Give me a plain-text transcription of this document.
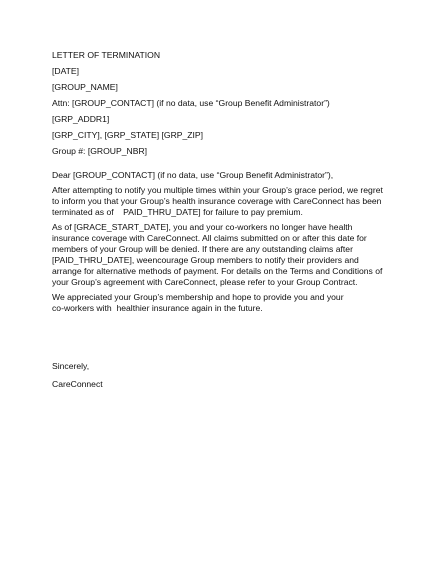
LETTER OF TERMINATION
[DATE]
[GROUP_NAME]
Attn: [GROUP_CONTACT] (if no data, use “Group Benefit Administrator”)
[GRP_ADDR1]
[GRP_CITY], [GRP_STATE] [GRP_ZIP]
Group #: [GROUP_NBR]
Dear [GROUP_CONTACT] (if no data, use “Group Benefit Administrator”),
After attempting to notify you multiple times within your Group’s grace period, we regret
to inform you that your Group’s health insurance coverage with CareConnect has been
terminated as of    PAID_THRU_DATE] for failure to pay premium.
As of [GRACE_START_DATE], you and your co-workers no longer have health
insurance coverage with CareConnect. All claims submitted on or after this date for
members of your Group will be denied. If there are any outstanding claims after
[PAID_THRU_DATE], weencourage Group members to notify their providers and
arrange for alternative methods of payment. For details on the Terms and Conditions of
your Group’s agreement with CareConnect, please refer to your Group Contract.
We appreciated your Group’s membership and hope to provide you and your
co-workers with  healthier insurance again in the future.
Sincerely,
CareConnect
